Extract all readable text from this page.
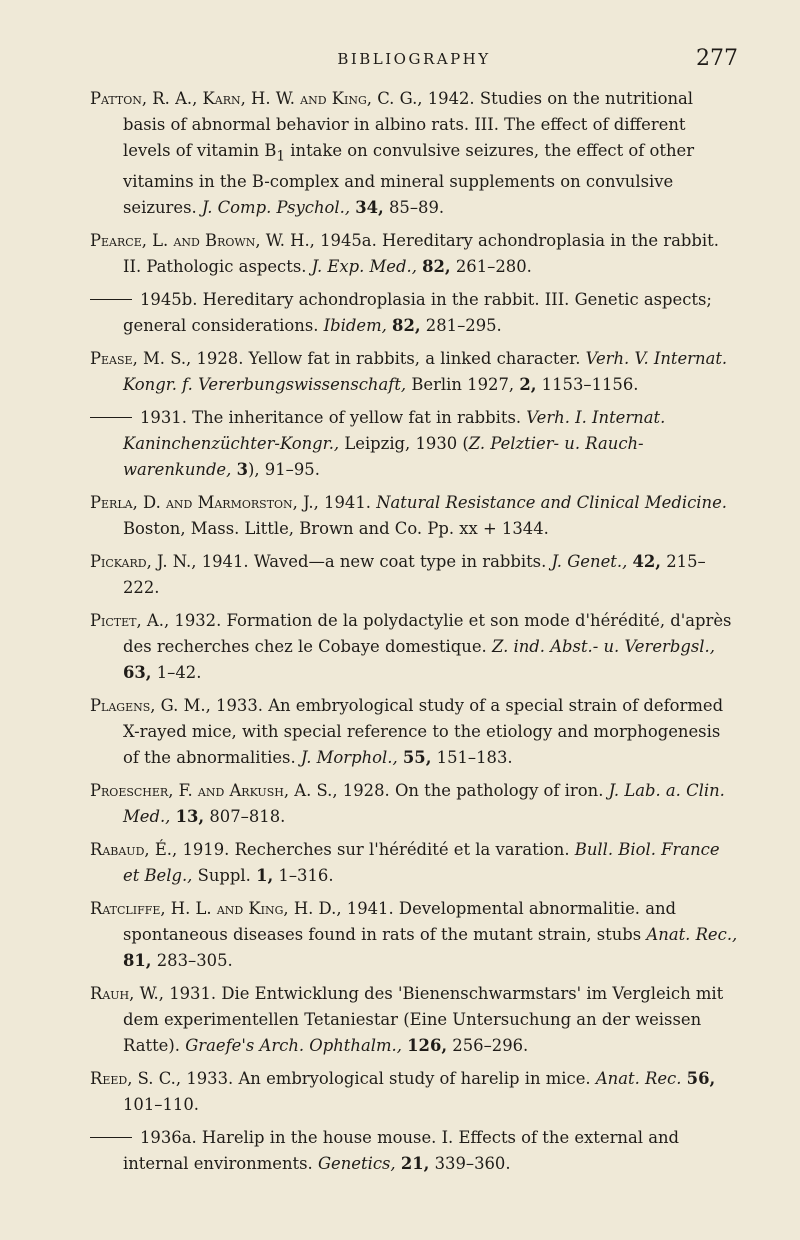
BIBLIOGRAPHY	277

Patton, R. A., Karn, H. W. and King, C. G., 1942. Studies on the nutritional basis of abnormal behavior in albino rats. III. The effect of different levels of vitamin $B_1$ intake on convulsive seizures, the effect of other vitamins in the B-complex and mineral supplements on convulsive seizures. J. Comp. Psychol., 34, 85–89.

Pearce, L. and Brown, W. H., 1945a. Hereditary achondroplasia in the rabbit. II. Pathologic aspects. J. Exp. Med., 82, 261–280.

1945b. Hereditary achondroplasia in the rabbit. III. Genetic aspects; general considerations. Ibidem, 82, 281–295.

Pease, M. S., 1928. Yellow fat in rabbits, a linked character. Verh. V. Internat. Kongr. f. Vererbungswissenschaft, Berlin 1927, 2, 1153–1156.

1931. The inheritance of yellow fat in rabbits. Verh. I. Internat. Kaninchenzüchter-Kongr., Leipzig, 1930 (Z. Pelztier- u. Rauch-warenkunde, 3), 91–95.

Perla, D. and Marmorston, J., 1941. Natural Resistance and Clinical Medicine. Boston, Mass. Little, Brown and Co. Pp. xx + 1344.

Pickard, J. N., 1941. Waved—a new coat type in rabbits. J. Genet., 42, 215–222.

Pictet, A., 1932. Formation de la polydactylie et son mode d'hérédité, d'après des recherches chez le Cobaye domestique. Z. ind. Abst.- u. Vererbgsl., 63, 1–42.

Plagens, G. M., 1933. An embryological study of a special strain of deformed X-rayed mice, with special reference to the etiology and morphogenesis of the abnormalities. J. Morphol., 55, 151–183.

Proescher, F. and Arkush, A. S., 1928. On the pathology of iron. J. Lab. a. Clin. Med., 13, 807–818.

Rabaud, É., 1919. Recherches sur l'hérédité et la varation. Bull. Biol. France et Belg., Suppl. 1, 1–316.

Ratcliffe, H. L. and King, H. D., 1941. Developmental abnormalitie. and spontaneous diseases found in rats of the mutant strain, stubs Anat. Rec., 81, 283–305.

Rauh, W., 1931. Die Entwicklung des 'Bienenschwarmstars' im Vergleich mit dem experimentellen Tetaniestar (Eine Untersuchung an der weissen Ratte). Graefe's Arch. Ophthalm., 126, 256–296.

Reed, S. C., 1933. An embryological study of harelip in mice. Anat. Rec. 56, 101–110.

1936a. Harelip in the house mouse. I. Effects of the external and internal environments. Genetics, 21, 339–360.
